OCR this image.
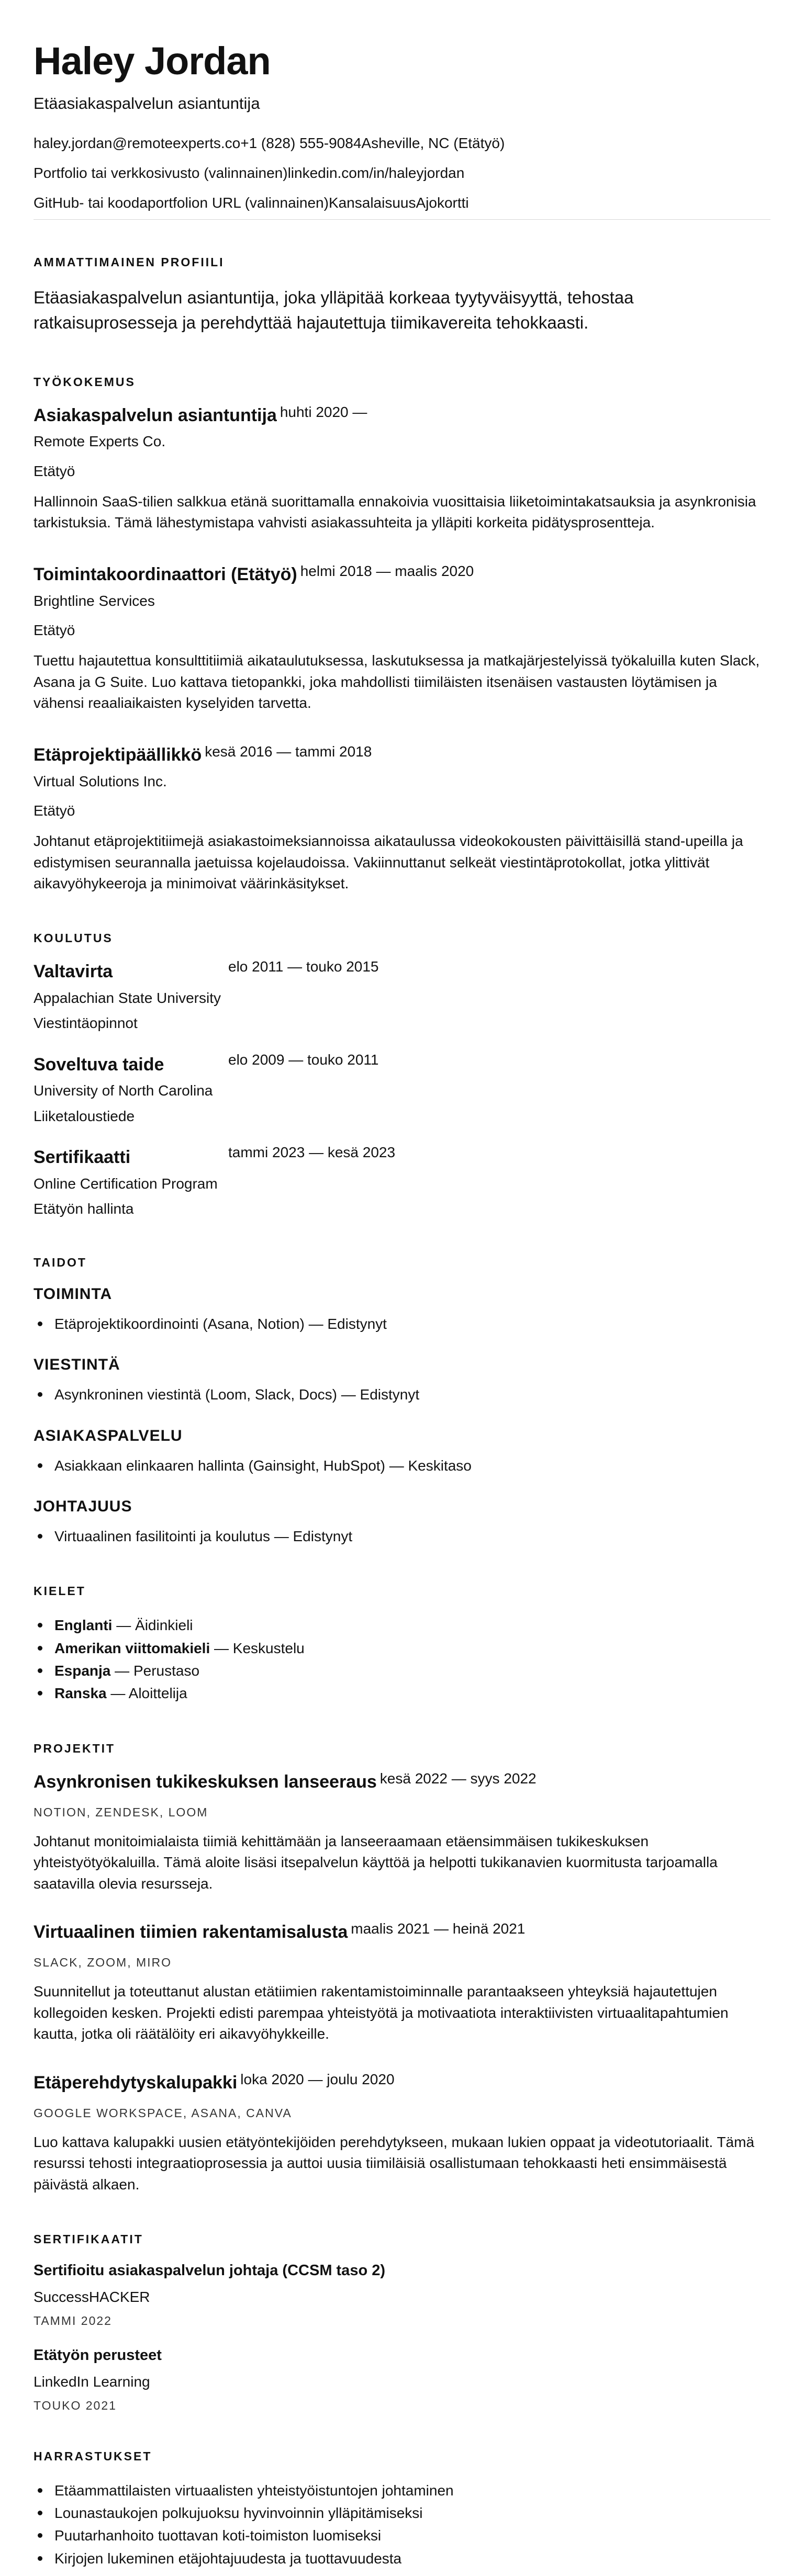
Haley Jordan
Etäasiakaspalvelun asiantuntija
haley.jordan@remoteexperts.co+1 (828) 555-9084Asheville, NC (Etätyö)
Portfolio tai verkkosivusto (valinnainen)linkedin.com/in/haleyjordan
GitHub- tai koodaportfolion URL (valinnainen)KansalaisuusAjokortti
AMMATTIMAINEN PROFIILI
Etäasiakaspalvelun asiantuntija, joka ylläpitää korkeaa tyytyväisyyttä, tehostaa ratkaisuprosesseja ja perehdyttää hajautettuja tiimikavereita tehokkaasti.
TYÖKOKEMUS
Asiakaspalvelun asiantuntija $^{huhti 2020 —}$
Remote Experts Co.
Etätyö
Hallinnoin SaaS-tilien salkkua etänä suorittamalla ennakoivia vuosittaisia liiketoimintakatsauksia ja asynkronisia tarkistuksia. Tämä lähestymistapa vahvisti asiakassuhteita ja ylläpiti korkeita pidätysprosentteja.
Toimintakoordinaattori (Etätyö) $^{helmi 2018 — maalis 2020}$
Brightline Services
Etätyö
Tuettu hajautettua konsulttitiimiä aikataulutuksessa, laskutuksessa ja matkajärjestelyissä työkaluilla kuten Slack, Asana ja G Suite. Luo kattava tietopankki, joka mahdollisti tiimiläisten itsenäisen vastausten löytämisen ja vähensi reaaliaikaisten kyselyiden tarvetta.
Etäprojektipäällikkö $^{kesä 2016 — tammi 2018}$
Virtual Solutions Inc.
Etätyö
Johtanut etäprojektitiimejä asiakastoimeksiannoissa aikataulussa videokokousten päivittäisillä stand-upeilla ja edistymisen seurannalla jaetuissa kojelaudoissa. Vakiinnuttanut selkeät viestintäprotokollat, jotka ylittivät aikavyöhykeeroja ja minimoivat väärinkäsitykset.
KOULUTUS
Valtavirta	elo 2011 — touko 2015
Appalachian State University
Viestintäopinnot
Soveltuva taide	elo 2009 — touko 2011
University of North Carolina
Liiketaloustiede
Sertifikaatti	tammi 2023 — kesä 2023
Online Certification Program
Etätyön hallinta
TAIDOT
TOIMINTA
Etäprojektikoordinointi (Asana, Notion) — Edistynyt
VIESTINTÄ
Asynkroninen viestintä (Loom, Slack, Docs) — Edistynyt
ASIAKASPALVELU
Asiakkaan elinkaaren hallinta (Gainsight, HubSpot) — Keskitaso
JOHTAJUUS
Virtuaalinen fasilitointi ja koulutus — Edistynyt
KIELET
Englanti — Äidinkieli
Amerikan viittomakieli — Keskustelu
Espanja — Perustaso
Ranska — Aloittelija
PROJEKTIT
Asynkronisen tukikeskuksen lanseeraus $^{kesä 2022 — syys 2022}$
NOTION, ZENDESK, LOOM
Johtanut monitoimialaista tiimiä kehittämään ja lanseeraamaan etäensimmäisen tukikeskuksen yhteistyötyökaluilla. Tämä aloite lisäsi itsepalvelun käyttöä ja helpotti tukikanavien kuormitusta tarjoamalla saatavilla olevia resursseja.
Virtuaalinen tiimien rakentamisalusta $^{maalis 2021 — heinä 2021}$
SLACK, ZOOM, MIRO
Suunnitellut ja toteuttanut alustan etätiimien rakentamistoiminnalle parantaakseen yhteyksiä hajautettujen kollegoiden kesken. Projekti edisti parempaa yhteistyötä ja motivaatiota interaktiivisten virtuaalitapahtumien kautta, jotka oli räätälöity eri aikavyöhykkeille.
Etäperehdytyskalupakki $^{loka 2020 — joulu 2020}$
GOOGLE WORKSPACE, ASANA, CANVA
Luo kattava kalupakki uusien etätyöntekijöiden perehdytykseen, mukaan lukien oppaat ja videotutoriaalit. Tämä resurssi tehosti integraatioprosessia ja auttoi uusia tiimiläisiä osallistumaan tehokkaasti heti ensimmäisestä päivästä alkaen.
SERTIFIKAATIT
Sertifioitu asiakaspalvelun johtaja (CCSM taso 2)
SuccessHACKER
TAMMI 2022
Etätyön perusteet
LinkedIn Learning
TOUKO 2021
HARRASTUKSET
Etäammattilaisten virtuaalisten yhteistyöistuntojen johtaminen
Lounastaukojen polkujuoksu hyvinvoinnin ylläpitämiseksi
Puutarhanhoito tuottavan koti-toimiston luomiseksi
Kirjojen lukeminen etäjohtajuudesta ja tuottavuudesta
